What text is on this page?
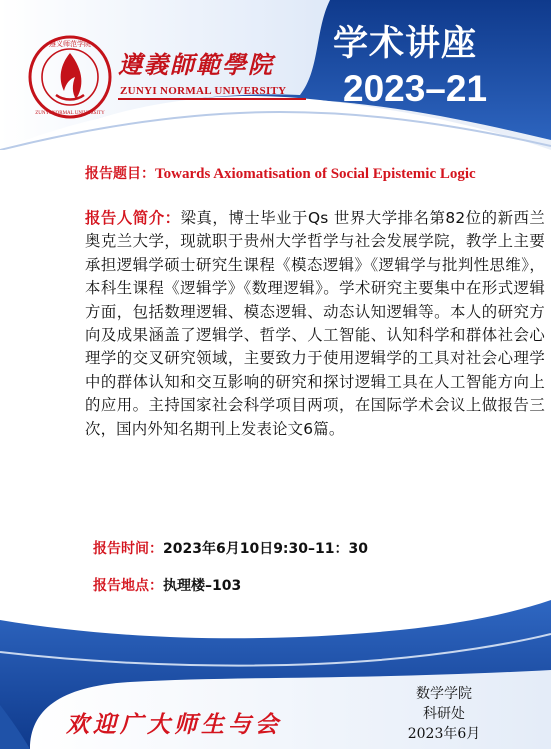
遵义师范学院
ZUNYI NORMAL UNIVERSITY
遵義師範學院
ZUNYI NORMAL UNIVERSITY
学术讲座
2023–21
报告题目：Towards Axiomatisation of Social Epistemic Logic
报告人简介：梁真，博士毕业于Qs 世界大学排名第82位的新西兰奥克兰大学，现就职于贵州大学哲学与社会发展学院，教学上主要承担逻辑学硕士研究生课程《模态逻辑》《逻辑学与批判性思维》，本科生课程《逻辑学》《数理逻辑》。学术研究主要集中在形式逻辑方面，包括数理逻辑、模态逻辑、动态认知逻辑等。本人的研究方向及成果涵盖了逻辑学、哲学、人工智能、认知科学和群体社会心理学的交叉研究领域，主要致力于使用逻辑学的工具对社会心理学中的群体认知和交互影响的研究和探讨逻辑工具在人工智能方向上的应用。主持国家社会科学项目两项，在国际学术会议上做报告三次，国内外知名期刊上发表论文6篇。
报告时间：2023年6月10日9:30–11：30
报告地点：执理楼–103
欢迎广大师生与会
数学学院
科研处
2023年6月
